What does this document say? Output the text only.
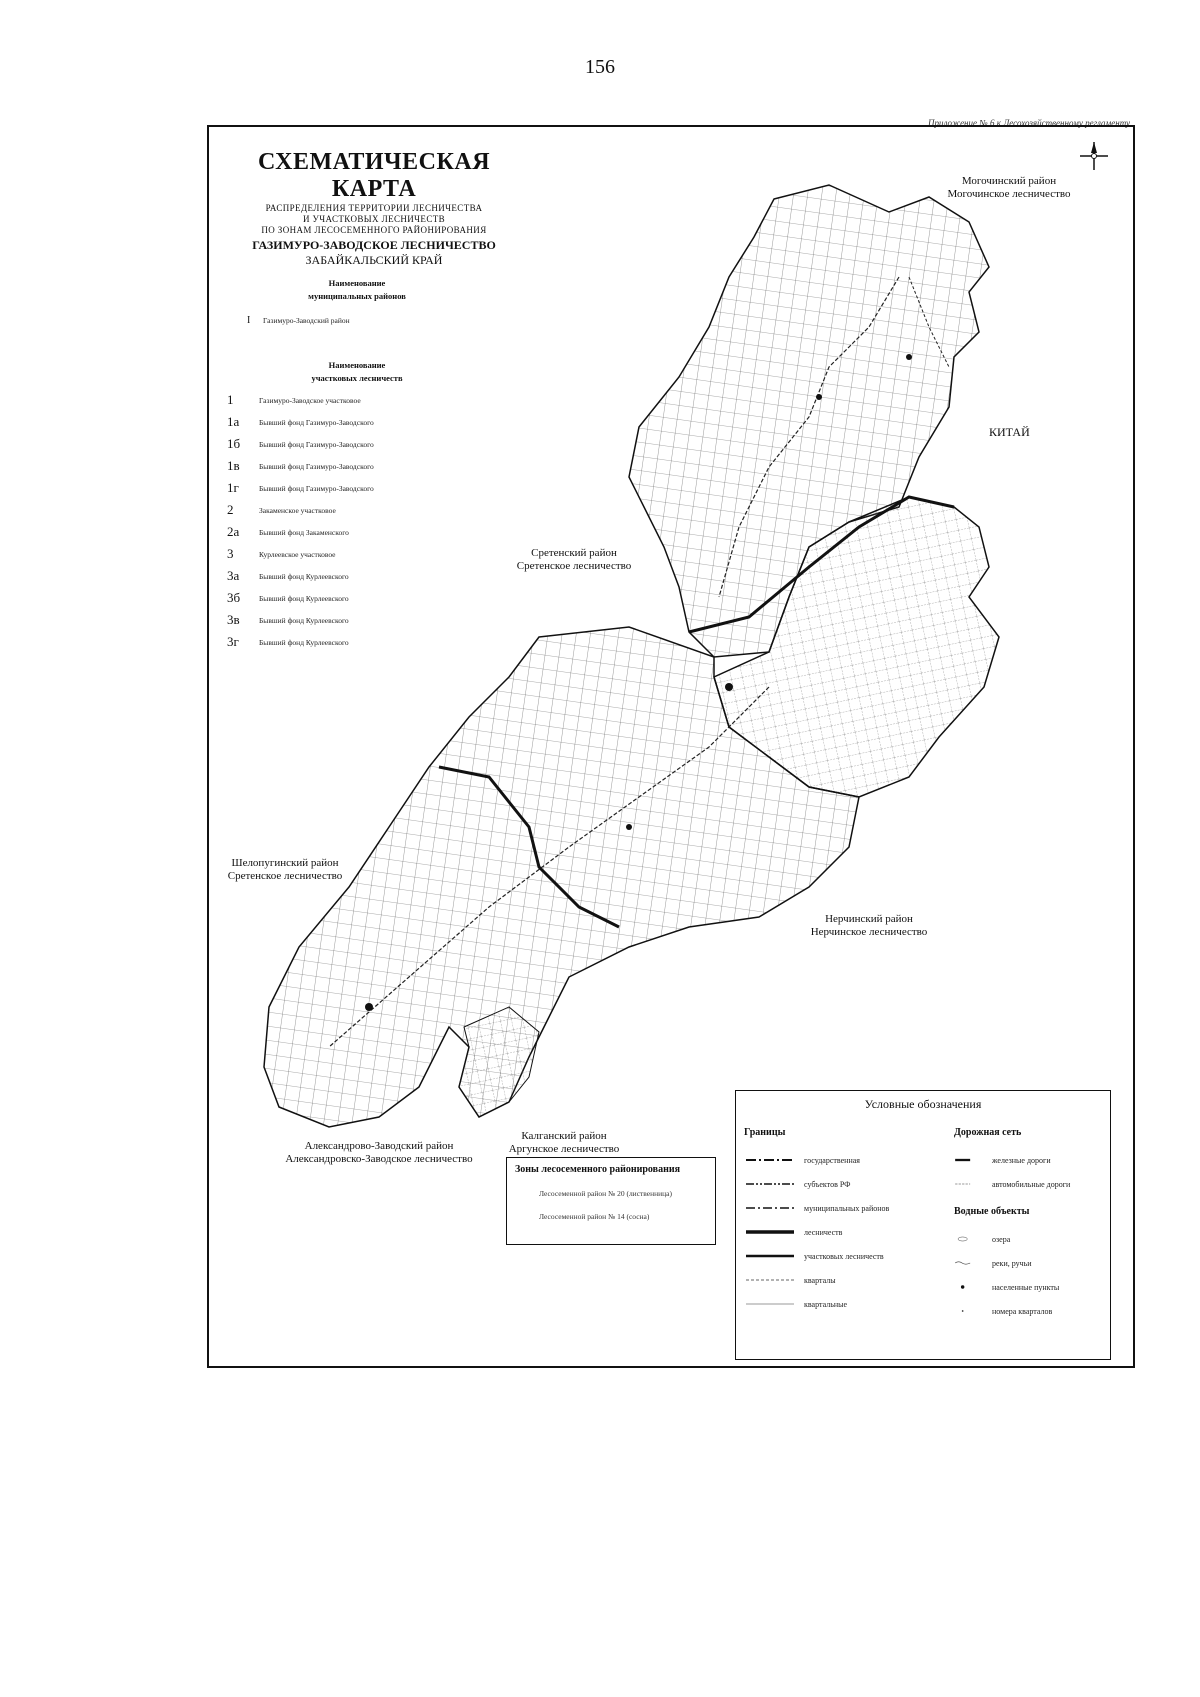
156
Приложение № 6 к Лесохозяйственному регламенту
СХЕМАТИЧЕСКАЯ КАРТА
РАСПРЕДЕЛЕНИЯ ТЕРРИТОРИИ ЛЕСНИЧЕСТВА
И УЧАСТКОВЫХ ЛЕСНИЧЕСТВ
ПО ЗОНАМ ЛЕСОСЕМЕННОГО РАЙОНИРОВАНИЯ
ГАЗИМУРО-ЗАВОДСКОЕ ЛЕСНИЧЕСТВО
ЗАБАЙКАЛЬСКИЙ КРАЙ
Наименование
муниципальных районов
I	Газимуро-Заводский район
Наименование
участковых лесничеств
1	Газимуро-Заводское участковое
1а	Бывший фонд Газимуро-Заводского
1б	Бывший фонд Газимуро-Заводского
1в	Бывший фонд Газимуро-Заводского
1г	Бывший фонд Газимуро-Заводского
2	Закаменское участковое
2а	Бывший фонд Закаменского
3	Курлеевское участковое
3а	Бывший фонд Курлеевского
3б	Бывший фонд Курлеевского
3в	Бывший фонд Курлеевского
3г	Бывший фонд Курлеевского
Могочинский район
Могочинское лесничество
Сретенский район
Сретенское лесничество
Шелопугинский район
Сретенское лесничество
Нерчинский район
Нерчинское лесничество
Калганский район
Аргунское лесничество
Александрово-Заводский район
Александровско-Заводское лесничество
КИТАЙ
Условные обозначения
Границы
государственная
субъектов РФ
муниципальных районов
лесничеств
участковых лесничеств
кварталы
квартальные
Дорожная сеть
железные дороги
автомобильные дороги
Водные объекты
озера
реки, ручьи
населенные пункты
номера кварталов
Зоны лесосеменного районирования
Лесосеменной район № 20 (лиственница)
Лесосеменной район № 14 (сосна)
